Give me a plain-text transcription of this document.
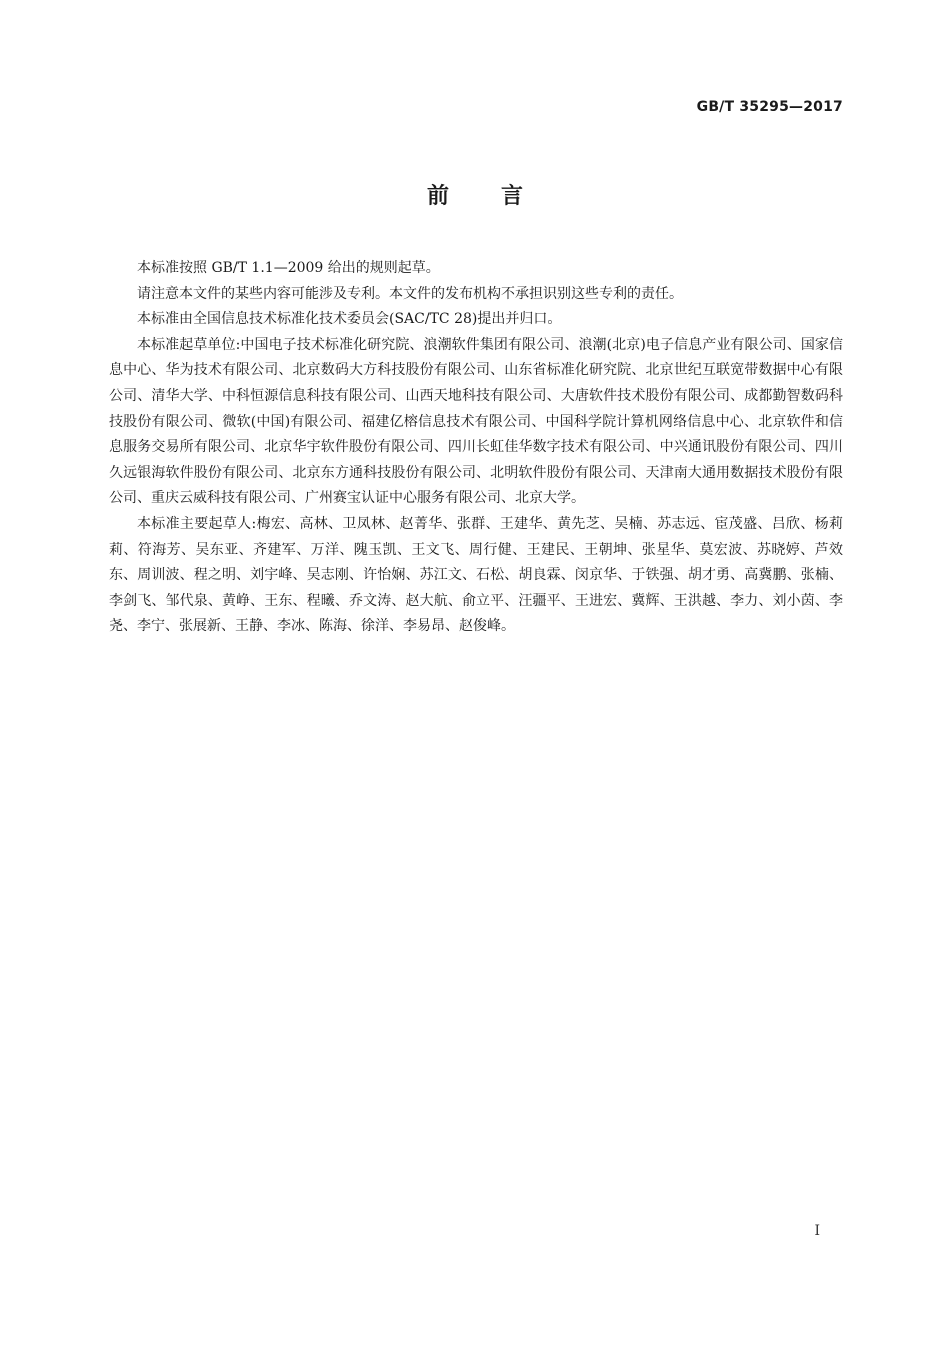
GB/T 35295—2017
前言

本标准按照 GB/T 1.1—2009 给出的规则起草。

请注意本文件的某些内容可能涉及专利。本文件的发布机构不承担识别这些专利的责任。

本标准由全国信息技术标准化技术委员会(SAC/TC 28)提出并归口。

本标准起草单位:中国电子技术标准化研究院、浪潮软件集团有限公司、浪潮(北京)电子信息产业有限公司、国家信息中心、华为技术有限公司、北京数码大方科技股份有限公司、山东省标准化研究院、北京世纪互联宽带数据中心有限公司、清华大学、中科恒源信息科技有限公司、山西天地科技有限公司、大唐软件技术股份有限公司、成都勤智数码科技股份有限公司、微软(中国)有限公司、福建亿榕信息技术有限公司、中国科学院计算机网络信息中心、北京软件和信息服务交易所有限公司、北京华宇软件股份有限公司、四川长虹佳华数字技术有限公司、中兴通讯股份有限公司、四川久远银海软件股份有限公司、北京东方通科技股份有限公司、北明软件股份有限公司、天津南大通用数据技术股份有限公司、重庆云威科技有限公司、广州赛宝认证中心服务有限公司、北京大学。

本标准主要起草人:梅宏、高林、卫凤林、赵菁华、张群、王建华、黄先芝、吴楠、苏志远、宦茂盛、吕欣、杨莉莉、符海芳、吴东亚、齐建军、万洋、隗玉凯、王文飞、周行健、王建民、王朝坤、张星华、莫宏波、苏晓婷、芦效东、周训波、程之明、刘宇峰、吴志刚、许怡娴、苏江文、石松、胡良霖、闵京华、于铁强、胡才勇、高冀鹏、张楠、李剑飞、邹代泉、黄峥、王东、程曦、乔文涛、赵大航、俞立平、汪疆平、王进宏、冀辉、王洪越、李力、刘小茵、李尧、李宁、张展新、王静、李冰、陈海、徐洋、李易昂、赵俊峰。

I
